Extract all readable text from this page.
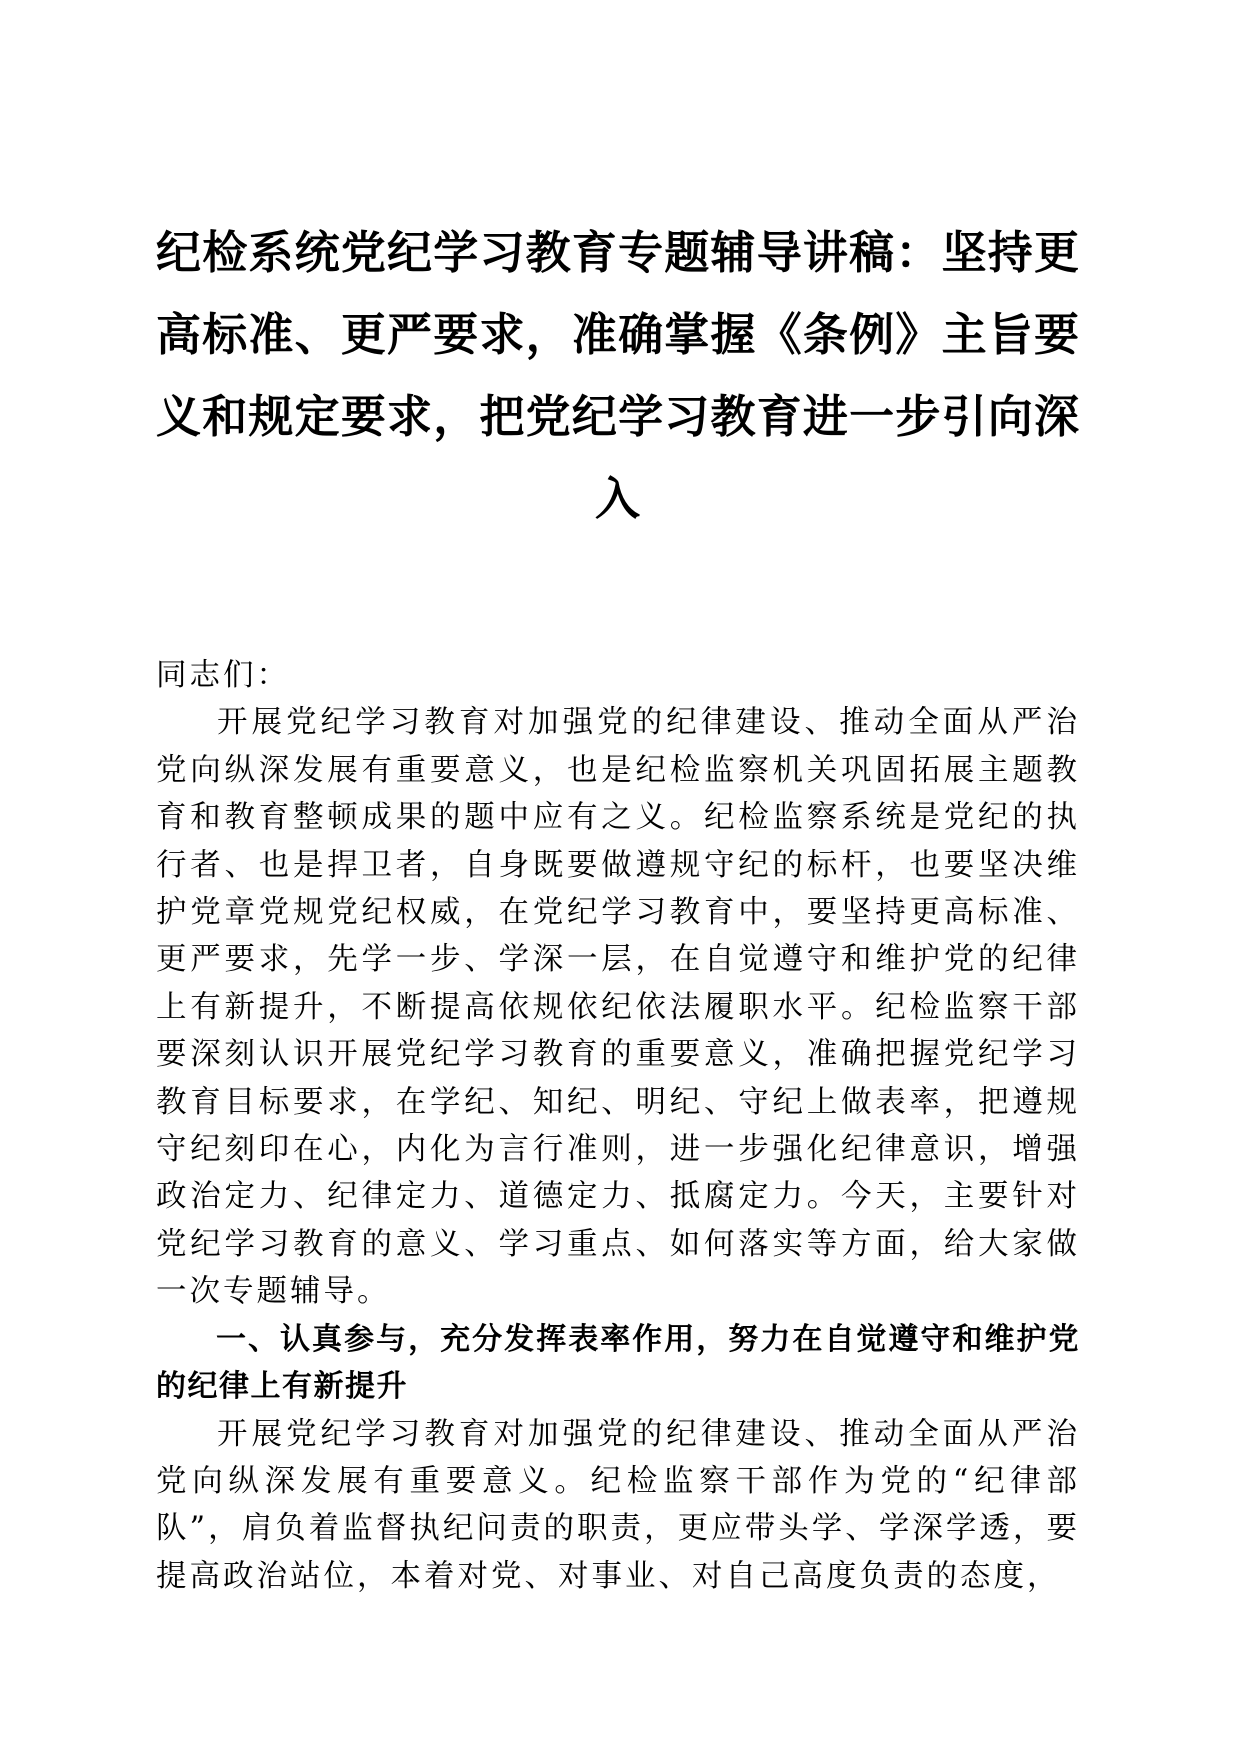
纪检系统党纪学习教育专题辅导讲稿：坚持更高标准、更严要求，准确掌握《条例》主旨要义和规定要求，把党纪学习教育进一步引向深入

同志们：

开展党纪学习教育对加强党的纪律建设、推动全面从严治党向纵深发展有重要意义，也是纪检监察机关巩固拓展主题教育和教育整顿成果的题中应有之义。纪检监察系统是党纪的执行者、也是捍卫者，自身既要做遵规守纪的标杆，也要坚决维护党章党规党纪权威，在党纪学习教育中，要坚持更高标准、更严要求，先学一步、学深一层，在自觉遵守和维护党的纪律上有新提升，不断提高依规依纪依法履职水平。纪检监察干部要深刻认识开展党纪学习教育的重要意义，准确把握党纪学习教育目标要求，在学纪、知纪、明纪、守纪上做表率，把遵规守纪刻印在心，内化为言行准则，进一步强化纪律意识，增强政治定力、纪律定力、道德定力、抵腐定力。今天，主要针对党纪学习教育的意义、学习重点、如何落实等方面，给大家做一次专题辅导。

一、认真参与，充分发挥表率作用，努力在自觉遵守和维护党的纪律上有新提升

开展党纪学习教育对加强党的纪律建设、推动全面从严治党向纵深发展有重要意义。纪检监察干部作为党的“纪律部队”，肩负着监督执纪问责的职责，更应带头学、学深学透，要提高政治站位，本着对党、对事业、对自己高度负责的态度，
